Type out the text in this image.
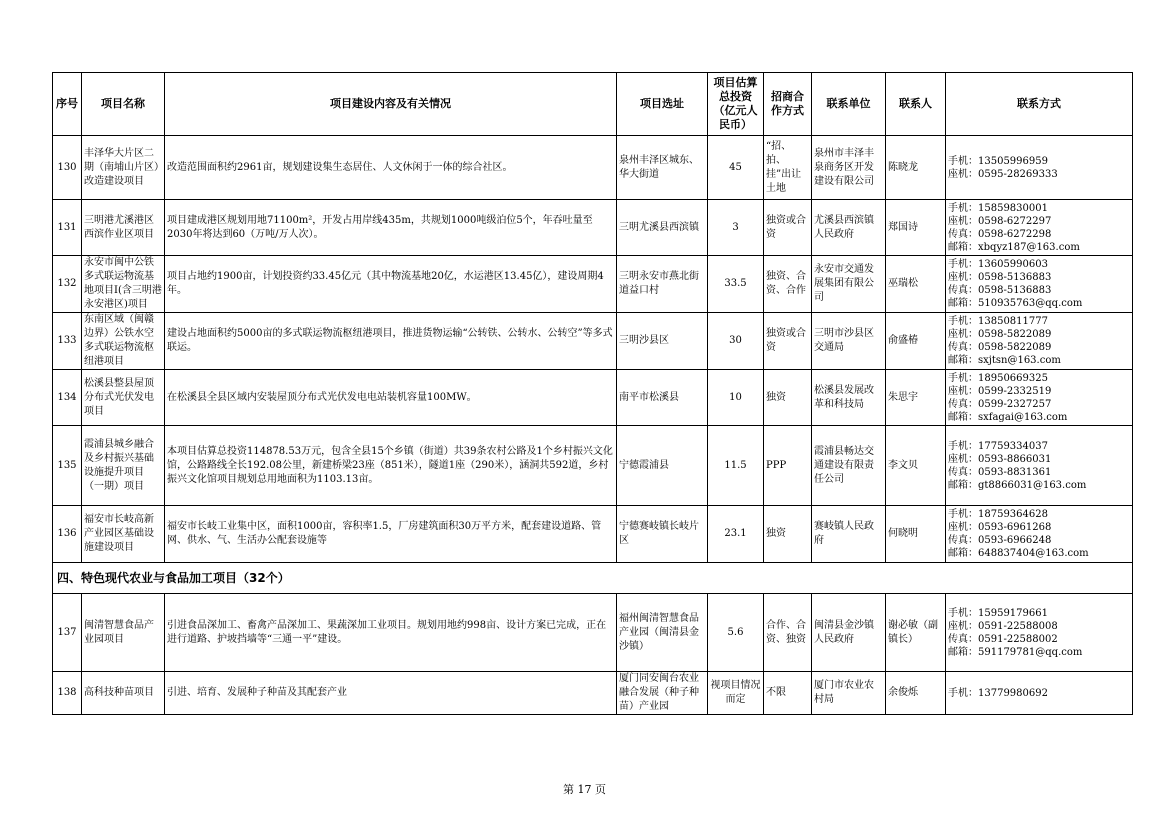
序号	项目名称	项目建设内容及有关情况	项目选址	项目估算总投资（亿元人民币）	招商合作方式	联系单位	联系人	联系方式
130	丰泽华大片区二期（南埔山片区）改造建设项目	改造范围面积约2961亩，规划建设集生态居住、人文休闲于一体的综合社区。	泉州丰泽区城东、华大街道	45	“招、拍、挂”出让土地	泉州市丰泽丰泉商务区开发建设有限公司	陈晓龙	手机：13505996959
座机：0595-28269333

131	三明港尤溪港区西滨作业区项目	项目建成港区规划用地71100m²，开发占用岸线435m，共规划1000吨级泊位5个，年吞吐量至2030年将达到60（万吨/万人次）。	三明尤溪县西滨镇	3	独资或合资	尤溪县西滨镇人民政府	郑国诗	手机：15859830001
座机：0598-6272297
传真：0598-6272298
邮箱：xbqyz187@163.com

132	永安市闽中公铁多式联运物流基地项目I(含三明港永安港区)项目	项目占地约1900亩，计划投资约33.45亿元（其中物流基地20亿，水运港区13.45亿），建设周期4年。	三明永安市燕北街道益口村	33.5	独资、合资、合作	永安市交通发展集团有限公司	巫瑞松	手机：13605990603
座机：0598-5136883
传真：0598-5136883
邮箱：510935763@qq.com

133	东南区域（闽赣边界）公铁水空多式联运物流枢纽港项目	建设占地面积约5000亩的多式联运物流枢纽港项目，推进货物运输“公转铁、公转水、公转空”等多式联运。	三明沙县区	30	独资或合资	三明市沙县区交通局	俞盛椿	手机：13850811777
座机：0598-5822089
传真：0598-5822089
邮箱：sxjtsn@163.com

134	松溪县整县屋顶分布式光伏发电项目	在松溪县全县区域内安装屋顶分布式光伏发电电站装机容量100MW。	南平市松溪县	10	独资	松溪县发展改革和科技局	朱思宇	手机：18950669325
座机：0599-2332519
传真：0599-2327257
邮箱：sxfagai@163.com

135	霞浦县城乡融合及乡村振兴基础设施提升项目（一期）项目	本项目估算总投资114878.53万元，包含全县15个乡镇（街道）共39条农村公路及1个乡村振兴文化馆，公路路线全长192.08公里，新建桥梁23座（851米），隧道1座（290米），涵洞共592道，乡村振兴文化馆项目规划总用地面积为1103.13亩。	宁德霞浦县	11.5	PPP	霞浦县畅达交通建设有限责任公司	李文贝	手机：17759334037
座机：0593-8866031
传真：0593-8831361
邮箱：gt8866031@163.com

136	福安市长岐高新产业园区基础设施建设项目	福安市长岐工业集中区，面积1000亩，容积率1.5，厂房建筑面积30万平方米，配套建设道路、管网、供水、气、生活办公配套设施等	宁德赛岐镇长岐片区	23.1	独资	赛岐镇人民政府	何晓明	手机：18759364628
座机：0593-6961268
传真：0593-6966248
邮箱：648837404@163.com

四、特色现代农业与食品加工项目（32个）								
137	闽清智慧食品产业园项目	引进食品深加工、畜禽产品深加工、果蔬深加工业项目。规划用地约998亩、设计方案已完成，正在进行道路、护坡挡墙等“三通一平”建设。	福州闽清智慧食品产业园（闽清县金沙镇）	5.6	合作、合资、独资	闽清县金沙镇人民政府	谢必敏（副镇长）	手机：15959179661
座机：0591-22588008
传真：0591-22588002
邮箱：591179781@qq.com

138	高科技种苗项目	引进、培育、发展种子种苗及其配套产业	厦门同安闽台农业融合发展（种子种苗）产业园	视项目情况而定	不限	厦门市农业农村局	余俊烁	手机：13779980692
第 17 页
